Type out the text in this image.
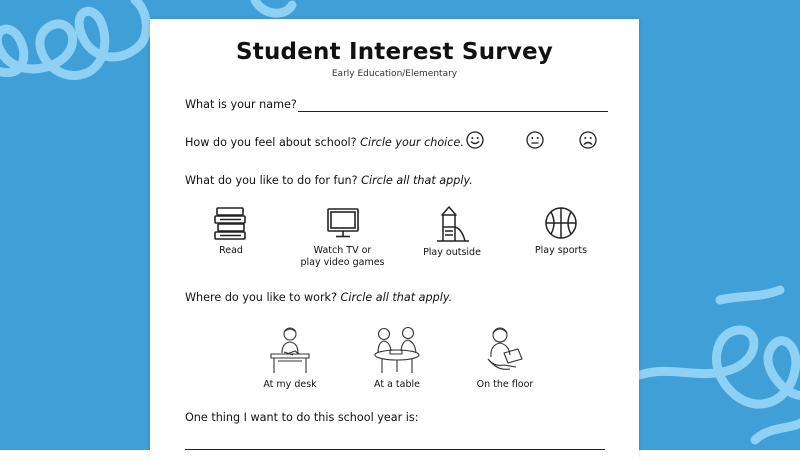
Student Interest Survey
Early Education/Elementary
What is your name?
How do you feel about school? Circle your choice.
What do you like to do for fun? Circle all that apply.
Read	Watch TV or
play video games
Play outside	Play sports
Where do you like to work? Circle all that apply.
At my desk	At a table	On the floor
One thing I want to do this school year is:
